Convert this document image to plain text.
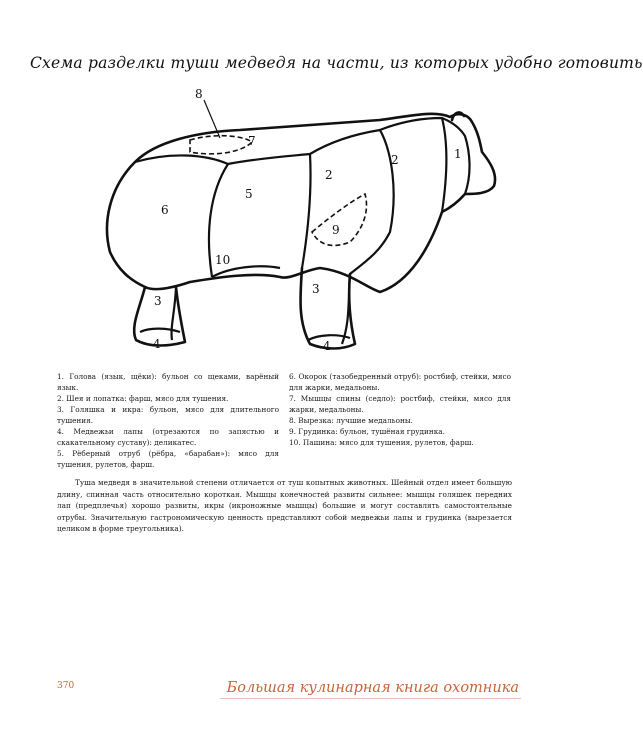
Схема разделки туши медведя на части, из которых удобно готовить
8
7
1
2
2
5
6
9
10
3
3
4	4

1. Голова (язык, щёки): бульон со щеками, варёный язык.

2. Шея и лопатка: фарш, мясо для тушения.

3. Голяшка и икра: бульон, мясо для длительного тушения.

4. Медвежьи лапы (отрезаются по запястью и скакательному суставу): деликатес.

5. Рёберный отруб (рёбра, «барабан»): мясо для тушения, рулетов, фарш.

6. Окорок (тазобедренный отруб): ростбиф, стейки, мясо для жарки, медальоны.

7. Мышцы спины (седло): ростбиф, стейки, мясо для жарки, медальоны.

8. Вырезка: лучшие медальоны.

9. Грудинка: бульон, тушёная грудинка.

10. Пашина: мясо для тушения, рулетов, фарш.

Туша медведя в значительной степени отличается от туш копытных животных. Шейный отдел имеет большую длину, спинная часть относительно короткая. Мышцы конечностей развиты сильнее: мышцы голяшек передних лап (предплечья) хорошо развиты, икры (икроножные мышцы) большие и могут составлять самостоятельные отрубы. Значительную гастрономическую ценность представляют собой медвежьи лапы и грудинка (вырезается целиком в форме треугольника).
370	Большая кулинарная книга охотника
